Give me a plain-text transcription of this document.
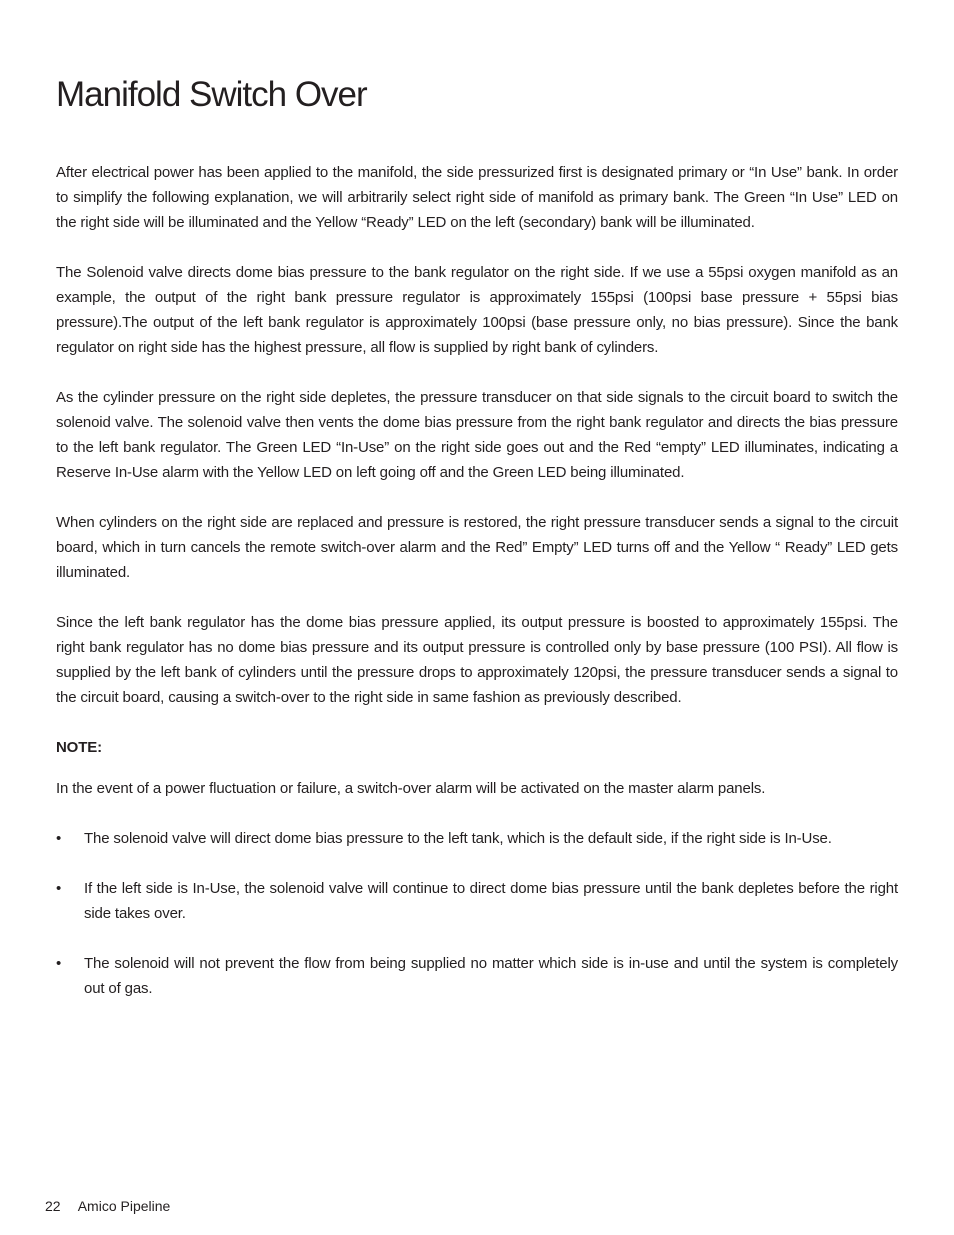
Manifold Switch Over

After electrical power has been applied to the manifold, the side pressurized first is designated primary or “In Use” bank. In order to simplify the following explanation, we will arbitrarily select right side of manifold as primary bank. The Green “In Use” LED on the right side will be illuminated and the Yellow “Ready” LED on the left (secondary) bank will be illuminated.

The Solenoid valve directs dome bias pressure to the bank regulator on the right side. If we use a 55psi oxygen manifold as an example, the output of the right bank pressure regulator is approximately 155psi (100psi base pressure + 55psi bias pressure).The output of the left bank regulator is approximately 100psi (base pressure only, no bias pressure). Since the bank regulator on right side has the highest pressure, all flow is supplied by right bank of cylinders.

As the cylinder pressure on the right side depletes, the pressure transducer on that side signals to the circuit board to switch the solenoid valve. The solenoid valve then vents the dome bias pressure from the right bank regulator and directs the bias pressure to the left bank regulator. The Green LED “In-Use” on the right side goes out and the Red “empty” LED illuminates, indicating a Reserve In-Use alarm with the Yellow LED on left going off and the Green LED being illuminated.

When cylinders on the right side are replaced and pressure is restored, the right pressure transducer sends a signal to the circuit board, which in turn cancels the remote switch-over alarm and the Red” Empty” LED turns off and the Yellow “ Ready” LED gets illuminated.

Since the left bank regulator has the dome bias pressure applied, its output pressure is boosted to approximately 155psi. The right bank regulator has no dome bias pressure and its output pressure is controlled only by base pressure (100 PSI). All flow is supplied by the left bank of cylinders until the pressure drops to approximately 120psi, the pressure transducer sends a signal to the circuit board, causing a switch-over to the right side in same fashion as previously described.

NOTE:

In the event of a power fluctuation or failure, a switch-over alarm will be activated on the master alarm panels.

• The solenoid valve will direct dome bias pressure to the left tank, which is the default side, if the right side is In-Use.
• If the left side is In-Use, the solenoid valve will continue to direct dome bias pressure until the bank depletes before the right side takes over.
• The solenoid will not prevent the flow from being supplied no matter which side is in-use and until the system is completely out of gas.
22 Amico Pipeline
